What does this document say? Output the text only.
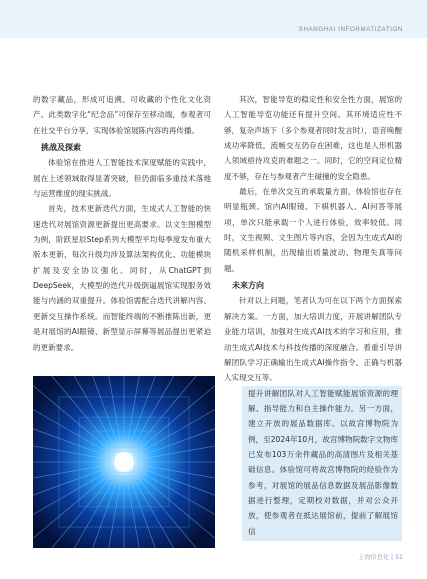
SHANGHAI INFORMATIZATION

的数字藏品，形成可追溯、可收藏的个性化文化资产。此类数字化“纪念品”可保存至移动端，参观者可在社交平台分享，实现体验馆展陈内容的再传播。

挑战及探索

体验馆在推进人工智能技术深度赋能的实践中，展在上述领域取得显著突破，但仍面临多重技术落地与运营维度的现实挑战。

首先，技术更新迭代方面，生成式人工智能的快速迭代对展馆资源更新提出更高要求。以文生图模型为例，阶跃星辰Step系列大模型平均每季度发布重大版本更新，每次升级均涉及算法架构优化、功能模块扩展及安全协议强化。同时，从ChatGPT到DeepSeek，大模型的迭代升级倒逼展馆实现服务效能与内涵的双重提升。体验馆需配合迭代讲解内容、更新交互操作系统。而智能终端的不断推陈出新，更是对展馆的AI眼镜、新型显示屏幕等展品提出更紧迫的更新要求。

其次，智能导览的稳定性和安全性方面，展馆的人工智能导览功能还有提升空间。其环境适应性不够，复杂声场下（多个参观者同时发言时），语音唤醒成功率降低，流畅交互仍存在困难，这也是人形机器人领域亟待攻克的难题之一。同时，它的空间定位精度不够，存在与参观者产生碰撞的安全隐患。

最后，在单次交互的承载量方面，体验馆也存在明显瓶颈。馆内AI眼镜、下棋机器人、AI问答等展项，单次只能承载一个人进行体验，效率较低。同时，文生视频、文生图片等内容，会因为生成式AI的随机采样机制，出现输出质量波动、物理失真等问题。

未来方向

针对以上问题，笔者认为可在以下两个方面探索解决方案。一方面，加大培训力度，开展讲解团队专业能力培训，加强对生成式AI技术的学习和应用，推动生成式AI技术与科技传播的深度融合。着重引导讲解团队学习正确输出生成式AI操作指令、正确与机器人实现交互等。

提升讲解团队对人工智能赋能展馆资源的理解、指导能力和自主操作能力。另一方面，建立开放的展品数据库。以故宫博物院为例，至2024年10月，故宫博物院数字文物库已发布103万余件藏品的高清图片及相关基础信息。体验馆可将故宫博物院的经验作为参考，对展馆的展品信息数据及展品影像数据进行整理，定期校对数据，并对公众开放，使参观者在抵达展馆前，提前了解展馆信

上海信息化 | 51
